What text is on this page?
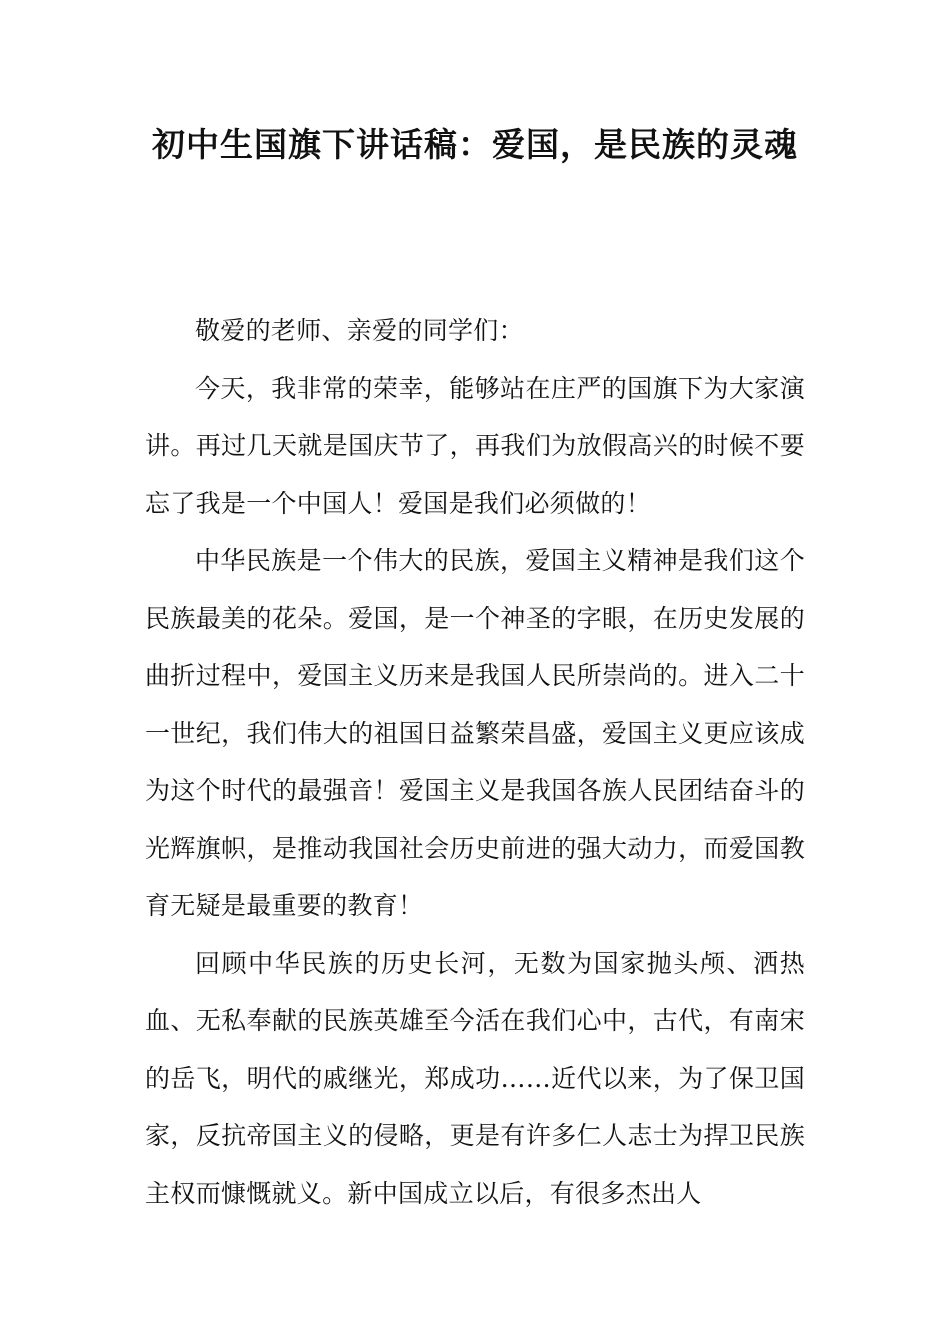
初中生国旗下讲话稿：爱国，是民族的灵魂

敬爱的老师、亲爱的同学们：

今天，我非常的荣幸，能够站在庄严的国旗下为大家演讲。再过几天就是国庆节了，再我们为放假高兴的时候不要忘了我是一个中国人！爱国是我们必须做的！

中华民族是一个伟大的民族，爱国主义精神是我们这个民族最美的花朵。爱国，是一个神圣的字眼，在历史发展的曲折过程中，爱国主义历来是我国人民所崇尚的。进入二十一世纪，我们伟大的祖国日益繁荣昌盛，爱国主义更应该成为这个时代的最强音！爱国主义是我国各族人民团结奋斗的光辉旗帜，是推动我国社会历史前进的强大动力，而爱国教育无疑是最重要的教育！

回顾中华民族的历史长河，无数为国家抛头颅、洒热血、无私奉献的民族英雄至今活在我们心中，古代，有南宋的岳飞，明代的戚继光，郑成功……近代以来，为了保卫国家，反抗帝国主义的侵略，更是有许多仁人志士为捍卫民族主权而慷慨就义。新中国成立以后，有很多杰出人
